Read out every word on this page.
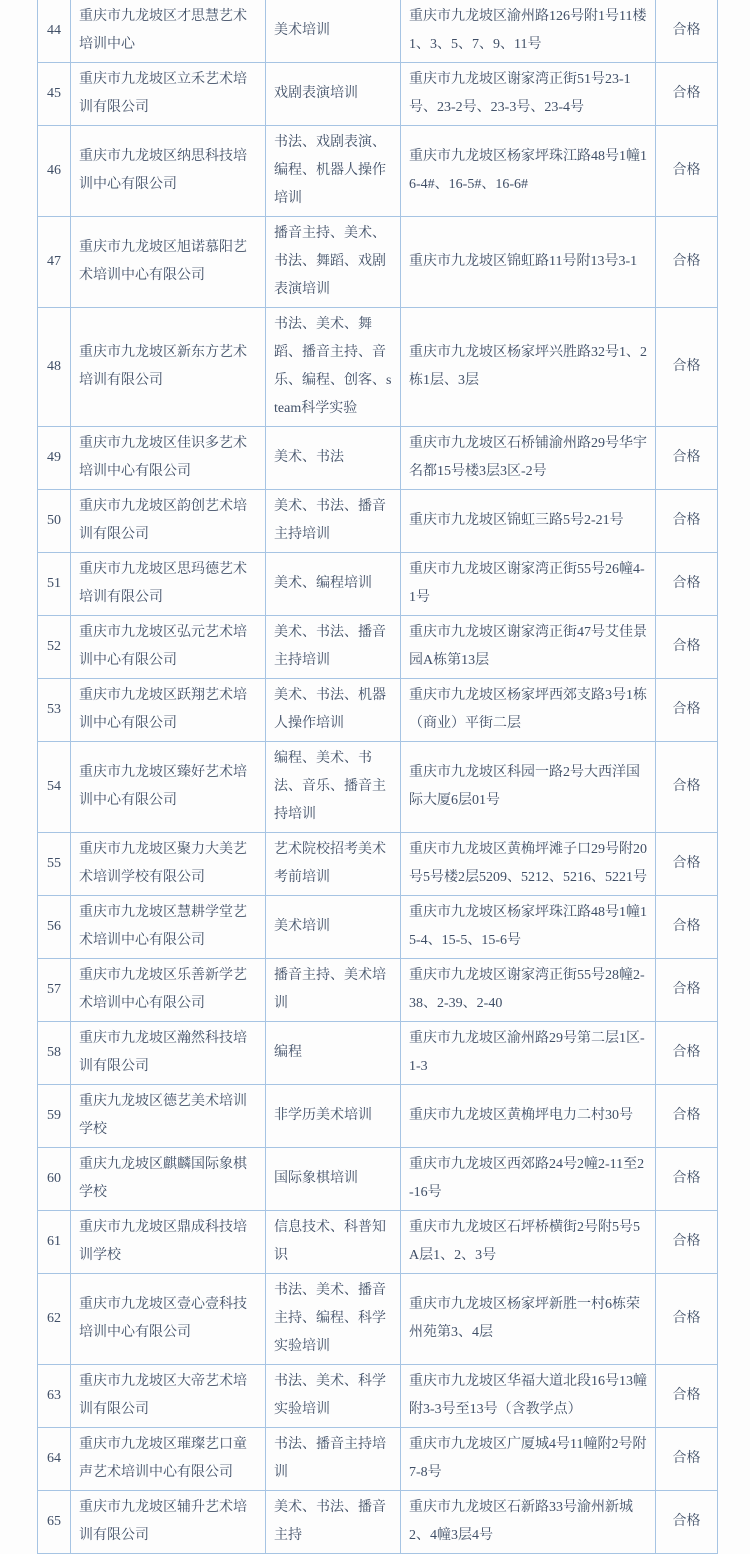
44	重庆市九龙坡区才思慧艺术培训中心	美术培训	重庆市九龙坡区渝州路126号附1号11楼1、3、5、7、9、11号	合格
45	重庆市九龙坡区立禾艺术培训有限公司	戏剧表演培训	重庆市九龙坡区谢家湾正街51号23-1号、23-2号、23-3号、23-4号	合格
46	重庆市九龙坡区纳思科技培训中心有限公司	书法、戏剧表演、编程、机器人操作培训	重庆市九龙坡区杨家坪珠江路48号1幢16-4#、16-5#、16-6#	合格
47	重庆市九龙坡区旭诺慕阳艺术培训中心有限公司	播音主持、美术、书法、舞蹈、戏剧表演培训	重庆市九龙坡区锦虹路11号附13号3-1	合格
48	重庆市九龙坡区新东方艺术培训有限公司	书法、美术、舞蹈、播音主持、音乐、编程、创客、steam科学实验	重庆市九龙坡区杨家坪兴胜路32号1、2栋1层、3层	合格
49	重庆市九龙坡区佳识多艺术培训中心有限公司	美术、书法	重庆市九龙坡区石桥铺渝州路29号华宇名都15号楼3层3区-2号	合格
50	重庆市九龙坡区韵创艺术培训有限公司	美术、书法、播音主持培训	重庆市九龙坡区锦虹三路5号2-21号	合格
51	重庆市九龙坡区思玛德艺术培训有限公司	美术、编程培训	重庆市九龙坡区谢家湾正街55号26幢4-1号	合格
52	重庆市九龙坡区弘元艺术培训中心有限公司	美术、书法、播音主持培训	重庆市九龙坡区谢家湾正街47号艾佳景园A栋第13层	合格
53	重庆市九龙坡区跃翔艺术培训中心有限公司	美术、书法、机器人操作培训	重庆市九龙坡区杨家坪西郊支路3号1栋（商业）平街二层	合格
54	重庆市九龙坡区臻好艺术培训中心有限公司	编程、美术、书法、音乐、播音主持培训	重庆市九龙坡区科园一路2号大西洋国际大厦6层01号	合格
55	重庆市九龙坡区聚力大美艺术培训学校有限公司	艺术院校招考美术考前培训	重庆市九龙坡区黄桷坪滩子口29号附20号5号楼2层5209、5212、5216、5221号	合格
56	重庆市九龙坡区慧耕学堂艺术培训中心有限公司	美术培训	重庆市九龙坡区杨家坪珠江路48号1幢15-4、15-5、15-6号	合格
57	重庆市九龙坡区乐善新学艺术培训中心有限公司	播音主持、美术培训	重庆市九龙坡区谢家湾正街55号28幢2-38、2-39、2-40	合格
58	重庆市九龙坡区瀚然科技培训有限公司	编程	重庆市九龙坡区渝州路29号第二层1区-1-3	合格
59	重庆九龙坡区德艺美术培训学校	非学历美术培训	重庆市九龙坡区黄桷坪电力二村30号	合格
60	重庆九龙坡区麒麟国际象棋学校	国际象棋培训	重庆市九龙坡区西郊路24号2幢2-11至2-16号	合格
61	重庆市九龙坡区鼎成科技培训学校	信息技术、科普知识	重庆市九龙坡区石坪桥横街2号附5号5A层1、2、3号	合格
62	重庆市九龙坡区壹心壹科技培训中心有限公司	书法、美术、播音主持、编程、科学实验培训	重庆市九龙坡区杨家坪新胜一村6栋荣州苑第3、4层	合格
63	重庆市九龙坡区大帝艺术培训有限公司	书法、美术、科学实验培训	重庆市九龙坡区华福大道北段16号13幢附3-3号至13号（含教学点）	合格
64	重庆市九龙坡区璀璨艺口童声艺术培训中心有限公司	书法、播音主持培训	重庆市九龙坡区广厦城4号11幢附2号附7-8号	合格
65	重庆市九龙坡区辅升艺术培训有限公司	美术、书法、播音主持	重庆市九龙坡区石新路33号渝州新城2、4幢3层4号	合格
